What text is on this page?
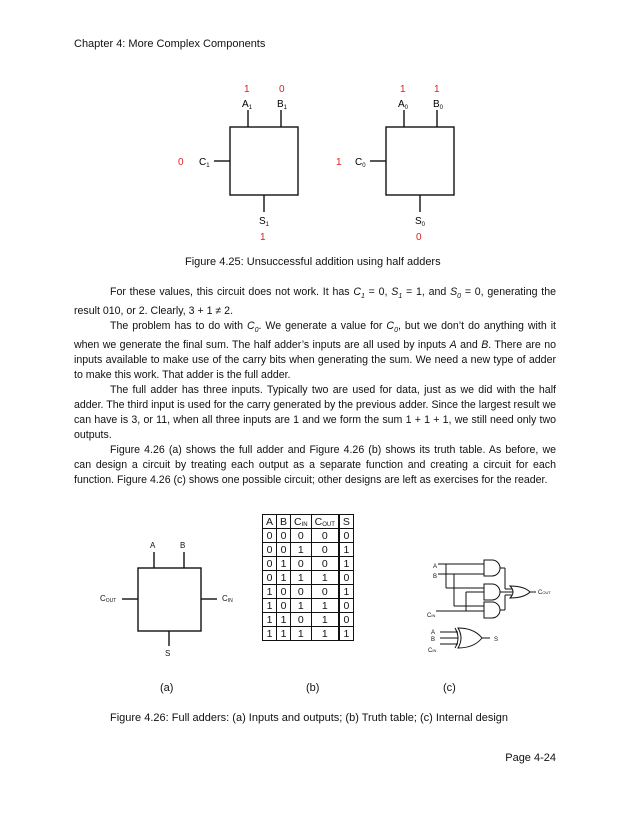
Chapter 4: More Complex Components
1	0
$A_1$ $B_1$
0 $C_1$
$S_1$
1
1	1
$A_0$ $B_0$
1 $C_0$
$S_0$
0
Figure 4.25: Unsuccessful addition using half adders

For these values, this circuit does not work. It has $C_1 = 0$, $S_1 = 1$, and $S_0 = 0$, generating the result 010, or 2. Clearly, 3 + 1 ≠ 2.

The problem has to do with $C_0$. We generate a value for $C_0$, but we don’t do anything with it when we generate the final sum. The half adder’s inputs are all used by inputs A and B. There are no inputs available to make use of the carry bits when generating the sum. We need a new type of adder to make this work. That adder is the full adder.

The full adder has three inputs. Typically two are used for data, just as we did with the half adder. The third input is used for the carry generated by the previous adder. Since the largest result we can have is 3, or 11, when all three inputs are 1 and we form the sum 1 + 1 + 1, we still need only two outputs.

Figure 4.26 (a) shows the full adder and Figure 4.26 (b) shows its truth table. As before, we can design a circuit by treating each output as a separate function and creating a circuit for each function. Figure 4.26 (c) shows one possible circuit; other designs are left as exercises for the reader.

A	B
COUT	CIN
S
A
B
CIN
COUT
A
B
CIN
S
A	B	CIN	COUT	S
0	0	0	0	0
0	0	1	0	1
0	1	0	0	1
0	1	1	1	0
1	0	0	0	1
1	0	1	1	0
1	1	0	1	0
1	1	1	1	1
(a)	(b)	(c)
Figure 4.26: Full adders: (a) Inputs and outputs; (b) Truth table; (c) Internal design
Page 4-24
